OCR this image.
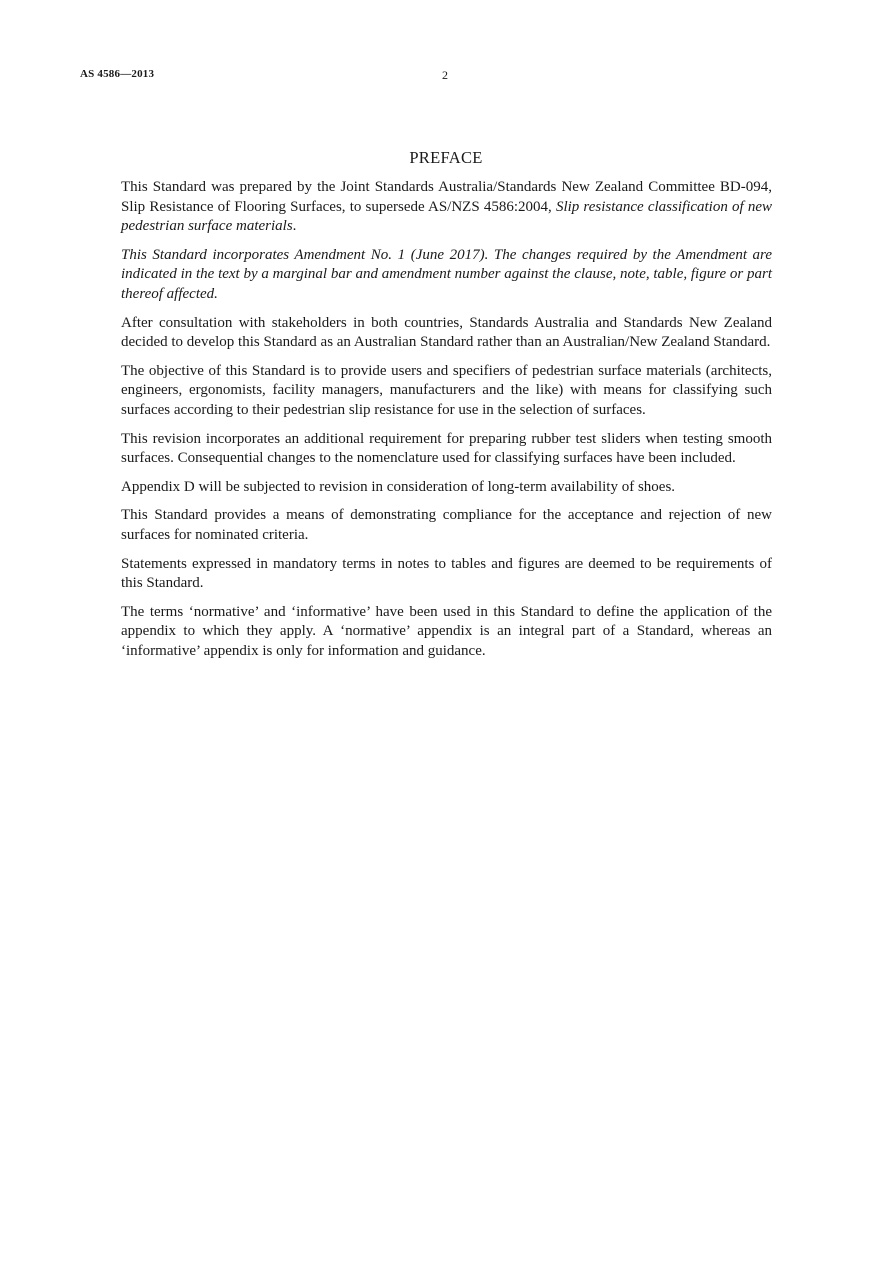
AS 4586—2013	2
PREFACE

This Standard was prepared by the Joint Standards Australia/Standards New Zealand Committee BD-094, Slip Resistance of Flooring Surfaces, to supersede AS/NZS 4586:2004, Slip resistance classification of new pedestrian surface materials.

This Standard incorporates Amendment No. 1 (June 2017). The changes required by the Amendment are indicated in the text by a marginal bar and amendment number against the clause, note, table, figure or part thereof affected.

After consultation with stakeholders in both countries, Standards Australia and Standards New Zealand decided to develop this Standard as an Australian Standard rather than an Australian/New Zealand Standard.

The objective of this Standard is to provide users and specifiers of pedestrian surface materials (architects, engineers, ergonomists, facility managers, manufacturers and the like) with means for classifying such surfaces according to their pedestrian slip resistance for use in the selection of surfaces.

This revision incorporates an additional requirement for preparing rubber test sliders when testing smooth surfaces. Consequential changes to the nomenclature used for classifying surfaces have been included.

Appendix D will be subjected to revision in consideration of long-term availability of shoes.

This Standard provides a means of demonstrating compliance for the acceptance and rejection of new surfaces for nominated criteria.

Statements expressed in mandatory terms in notes to tables and figures are deemed to be requirements of this Standard.

The terms ‘normative’ and ‘informative’ have been used in this Standard to define the application of the appendix to which they apply. A ‘normative’ appendix is an integral part of a Standard, whereas an ‘informative’ appendix is only for information and guidance.
